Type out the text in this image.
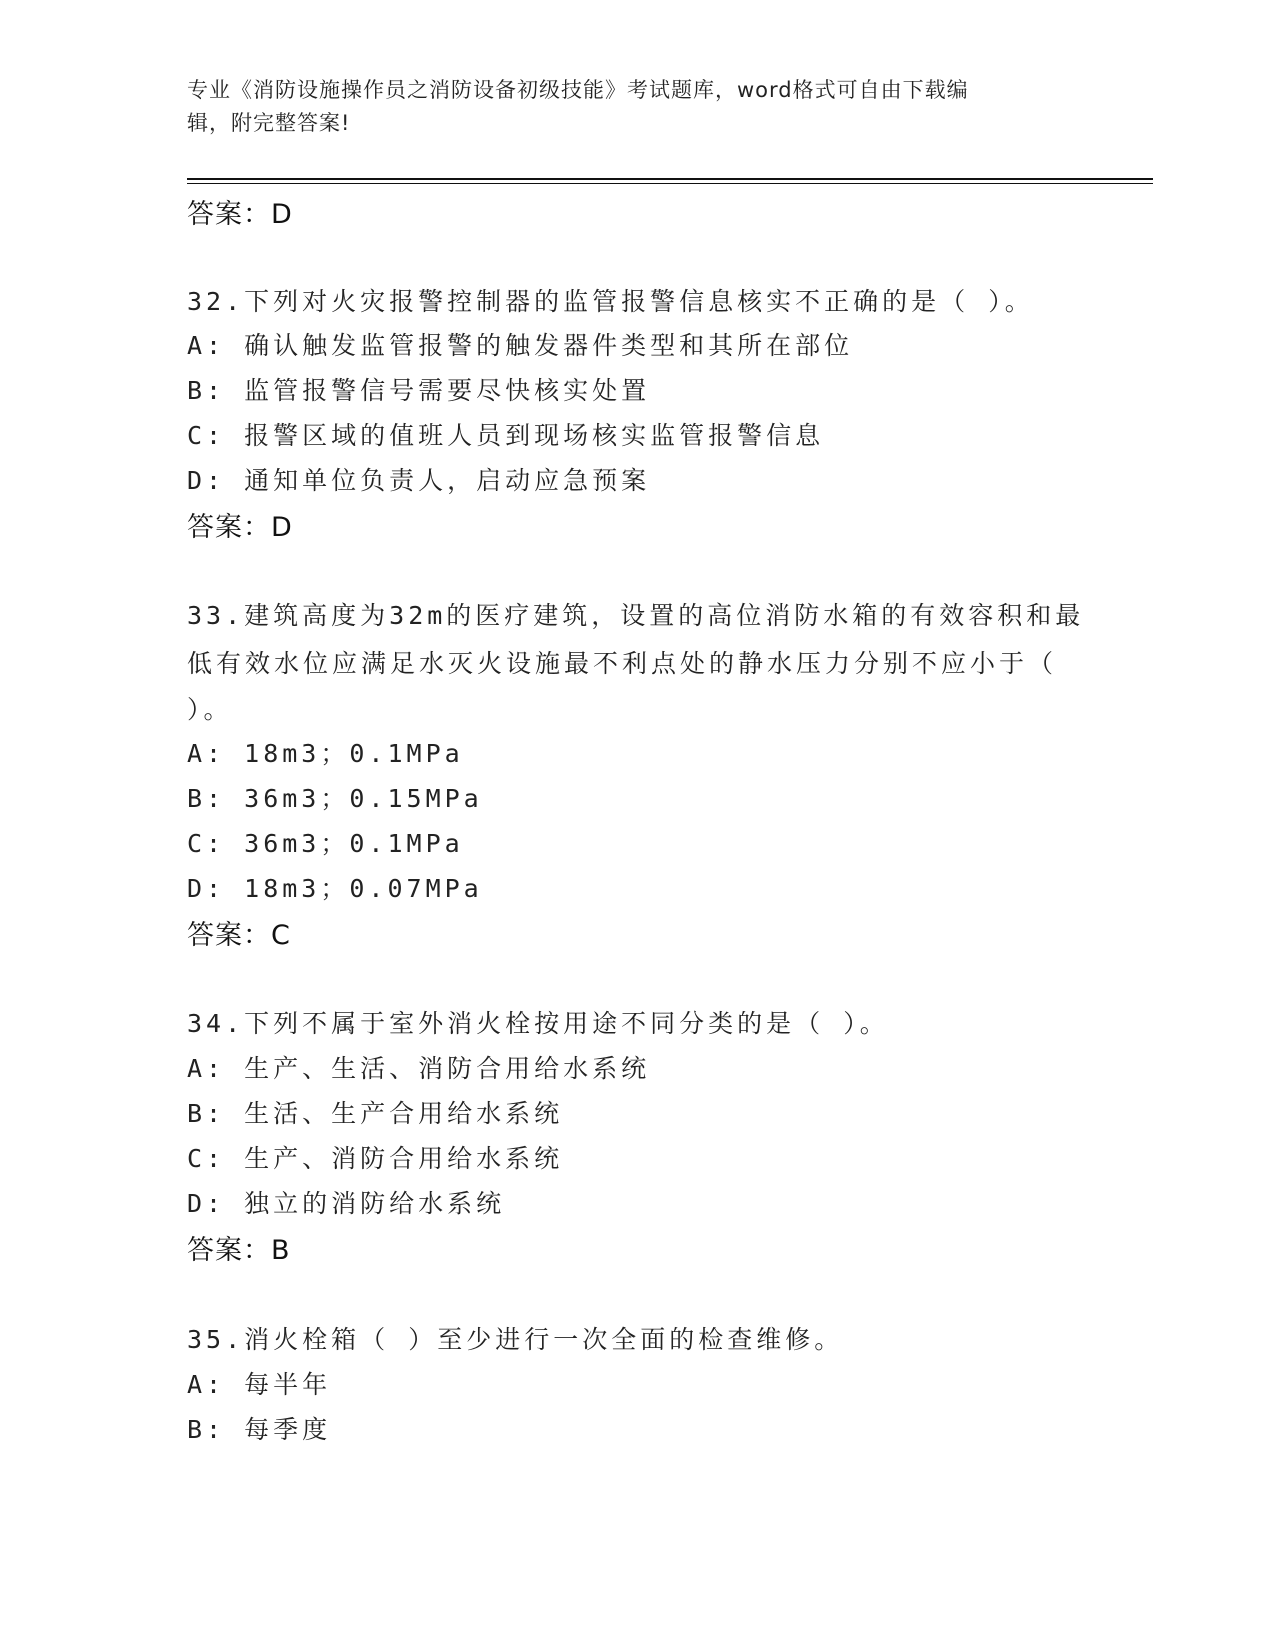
专业《消防设施操作员之消防设备初级技能》考试题库，word格式可自由下载编
辑，附完整答案!
答案：D
32.下列对火灾报警控制器的监管报警信息核实不正确的是（ ）。
A: 确认触发监管报警的触发器件类型和其所在部位
B: 监管报警信号需要尽快核实处置
C: 报警区域的值班人员到现场核实监管报警信息
D: 通知单位负责人，启动应急预案
答案：D
33.建筑高度为32m的医疗建筑，设置的高位消防水箱的有效容积和最
低有效水位应满足水灭火设施最不利点处的静水压力分别不应小于（
）。
A: 18m3；0.1MPa
B: 36m3；0.15MPa
C: 36m3；0.1MPa
D: 18m3；0.07MPa
答案：C
34.下列不属于室外消火栓按用途不同分类的是（ ）。
A: 生产、生活、消防合用给水系统
B: 生活、生产合用给水系统
C: 生产、消防合用给水系统
D: 独立的消防给水系统
答案：B
35.消火栓箱（ ）至少进行一次全面的检查维修。
A: 每半年
B: 每季度
